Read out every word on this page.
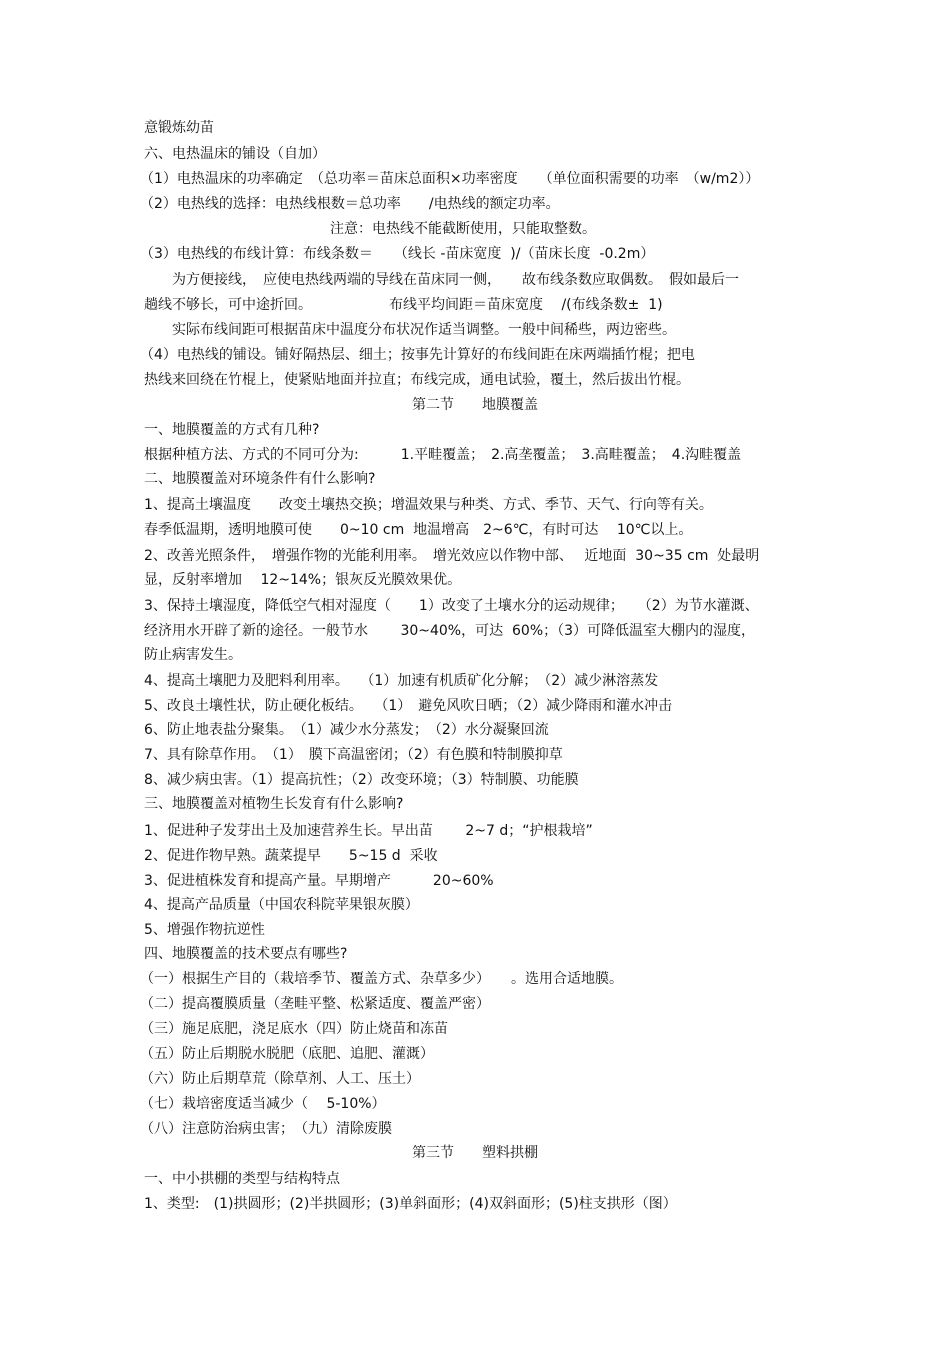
意锻炼幼苗
六、电热温床的铺设（自加）
（1）电热温床的功率确定　（总功率＝苗床总面积×功率密度　　（单位面积需要的功率　（w/m2））
（2）电热线的选择：电热线根数＝总功率　　/电热线的额定功率。
注意：电热线不能截断使用，只能取整数。
（3）电热线的布线计算：布线条数＝　　（线长 -苗床宽度  )/（苗床长度  -0.2m）
　　为方便接线，　应使电热线两端的导线在苗床同一侧，　　故布线条数应取偶数。　假如最后一
趟线不够长，可中途折回。　　　　　　布线平均间距＝苗床宽度　 /(布线条数±  1)
　　实际布线间距可根据苗床中温度分布状况作适当调整。一般中间稀些，两边密些。
（4）电热线的铺设。铺好隔热层、细土；按事先计算好的布线间距在床两端插竹棍；把电
热线来回绕在竹棍上，使紧贴地面并拉直；布线完成，通电试验，覆土，然后拔出竹棍。
第二节　　地膜覆盖
一、地膜覆盖的方式有几种?
根据种植方法、方式的不同可分为:　　　1.平畦覆盖；　2.高垄覆盖；　3.高畦覆盖；　4.沟畦覆盖
二、地膜覆盖对环境条件有什么影响?
1、提高土壤温度　　改变土壤热交换；增温效果与种类、方式、季节、天气、行向等有关。
春季低温期，透明地膜可使　　0~10 cm  地温增高　2~6℃，有时可达　 10℃以上。
2、改善光照条件，　增强作物的光能利用率。　增光效应以作物中部、　 近地面  30~35 cm  处最明
显，反射率增加　 12~14%；银灰反光膜效果优。
3、保持土壤湿度，降低空气相对湿度（　　1）改变了土壤水分的运动规律；　　（2）为节水灌溉、
经济用水开辟了新的途径。一般节水　　 30~40%，可达  60%；（3）可降低温室大棚内的湿度，
防止病害发生。
4、提高土壤肥力及肥料利用率。　 （1）加速有机质矿化分解；　（2）减少淋溶蒸发
5、改良土壤性状，防止硬化板结。　 （1）　避免风吹日晒；（2）减少降雨和灌水冲击
6、防止地表盐分聚集。　（1）减少水分蒸发；　（2）水分凝聚回流
7、具有除草作用。　（1）　膜下高温密闭；（2）有色膜和特制膜抑草
8、减少病虫害。（1）提高抗性；（2）改变环境；（3）特制膜、功能膜
三、地膜覆盖对植物生长发育有什么影响?
1、促进种子发芽出土及加速营养生长。早出苗　　 2~7 d；“护根栽培”
2、促进作物早熟。蔬菜提早　　5~15 d  采收
3、促进植株发育和提高产量。早期增产　　　20~60%
4、提高产品质量（中国农科院苹果银灰膜）
5、增强作物抗逆性
四、地膜覆盖的技术要点有哪些?
（一）根据生产目的（栽培季节、覆盖方式、杂草多少）　　。选用合适地膜。
（二）提高覆膜质量（垄畦平整、松紧适度、覆盖严密）
（三）施足底肥，浇足底水（四）防止烧苗和冻苗
（五）防止后期脱水脱肥（底肥、追肥、灌溉）
（六）防止后期草荒（除草剂、人工、压土）
（七）栽培密度适当减少（　 5-10%）
（八）注意防治病虫害；　（九）清除废膜
第三节　　塑料拱棚
一、中小拱棚的类型与结构特点
1、类型:　(1)拱圆形；(2)半拱圆形；(3)单斜面形；(4)双斜面形；(5)柱支拱形（图）
